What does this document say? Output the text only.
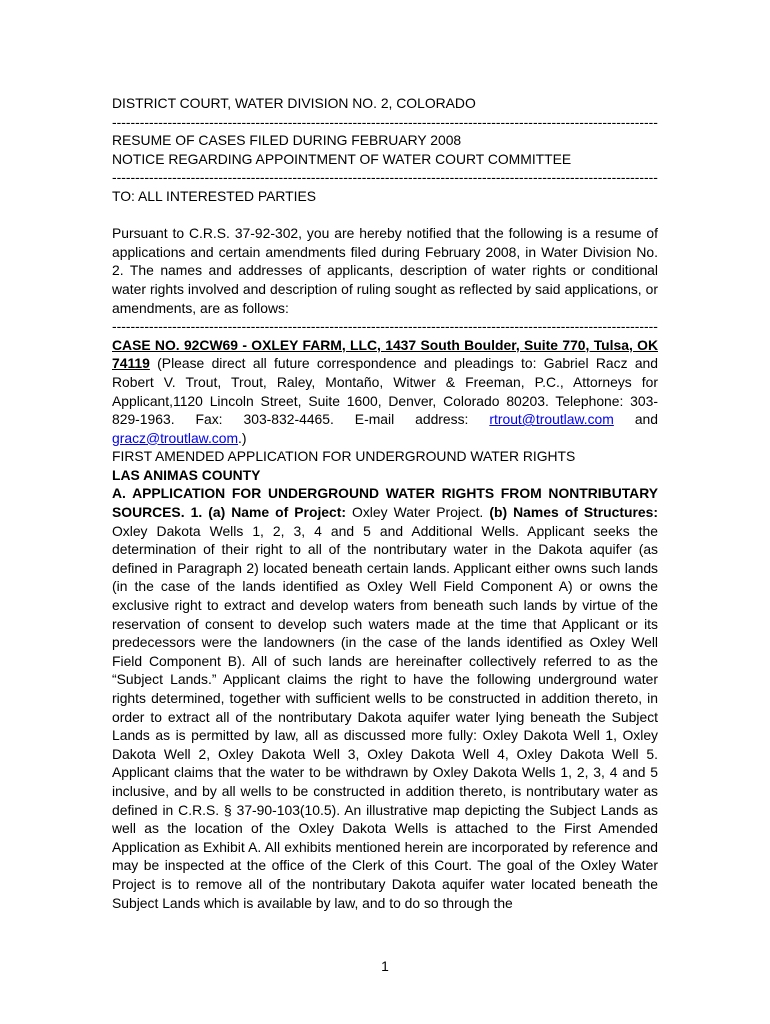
DISTRICT COURT, WATER DIVISION NO. 2, COLORADO
-----
RESUME OF CASES FILED DURING FEBRUARY 2008
NOTICE REGARDING APPOINTMENT OF WATER COURT COMMITTEE
-----
TO: ALL INTERESTED PARTIES
Pursuant to C.R.S. 37-92-302, you are hereby notified that the following is a resume of applications and certain amendments filed during February 2008, in Water Division No. 2. The names and addresses of applicants, description of water rights or conditional water rights involved and description of ruling sought as reflected by said applications, or amendments, are as follows:
-----
CASE NO. 92CW69 - OXLEY FARM, LLC, 1437 South Boulder, Suite 770, Tulsa, OK 74119 (Please direct all future correspondence and pleadings to: Gabriel Racz and Robert V. Trout, Trout, Raley, Montaño, Witwer & Freeman, P.C., Attorneys for Applicant,1120 Lincoln Street, Suite 1600, Denver, Colorado 80203. Telephone: 303-829-1963. Fax: 303-832-4465. E-mail address: rtrout@troutlaw.com and gracz@troutlaw.com.)
FIRST AMENDED APPLICATION FOR UNDERGROUND WATER RIGHTS
LAS ANIMAS COUNTY
A. APPLICATION FOR UNDERGROUND WATER RIGHTS FROM NONTRIBUTARY SOURCES. 1. (a) Name of Project: Oxley Water Project. (b) Names of Structures: Oxley Dakota Wells 1, 2, 3, 4 and 5 and Additional Wells. Applicant seeks the determination of their right to all of the nontributary water in the Dakota aquifer (as defined in Paragraph 2) located beneath certain lands. Applicant either owns such lands (in the case of the lands identified as Oxley Well Field Component A) or owns the exclusive right to extract and develop waters from beneath such lands by virtue of the reservation of consent to develop such waters made at the time that Applicant or its predecessors were the landowners (in the case of the lands identified as Oxley Well Field Component B). All of such lands are hereinafter collectively referred to as the “Subject Lands.” Applicant claims the right to have the following underground water rights determined, together with sufficient wells to be constructed in addition thereto, in order to extract all of the nontributary Dakota aquifer water lying beneath the Subject Lands as is permitted by law, all as discussed more fully: Oxley Dakota Well 1, Oxley Dakota Well 2, Oxley Dakota Well 3, Oxley Dakota Well 4, Oxley Dakota Well 5. Applicant claims that the water to be withdrawn by Oxley Dakota Wells 1, 2, 3, 4 and 5 inclusive, and by all wells to be constructed in addition thereto, is nontributary water as defined in C.R.S. § 37-90-103(10.5). An illustrative map depicting the Subject Lands as well as the location of the Oxley Dakota Wells is attached to the First Amended Application as Exhibit A. All exhibits mentioned herein are incorporated by reference and may be inspected at the office of the Clerk of this Court. The goal of the Oxley Water Project is to remove all of the nontributary Dakota aquifer water located beneath the Subject Lands which is available by law, and to do so through the
1
